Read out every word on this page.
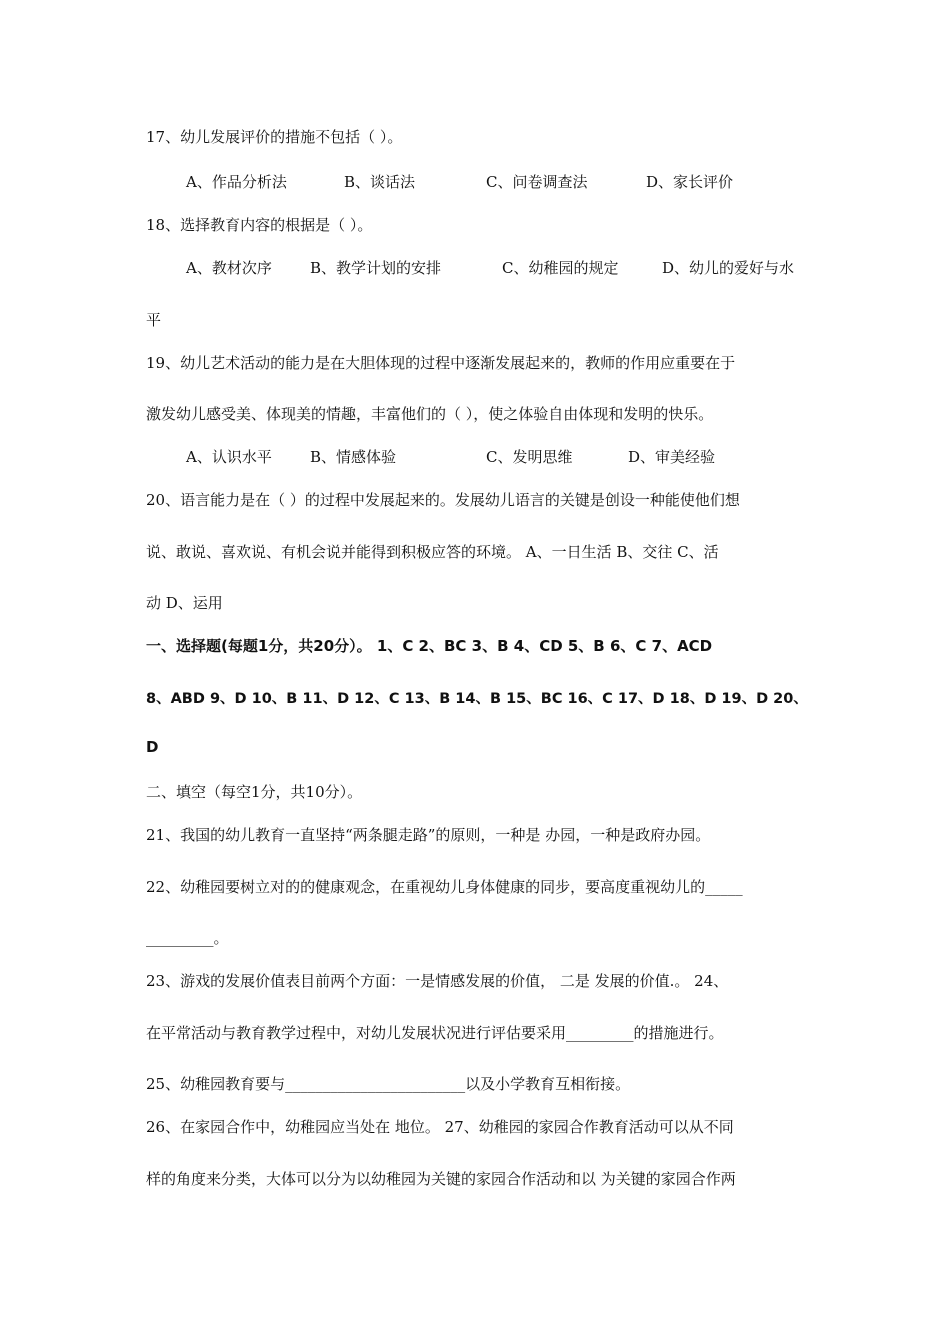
17、幼儿发展评价的措施不包括（ ）。
A、作品分析法	B、谈话法	C、问卷调查法	D、家长评价
18、选择教育内容的根据是（ ）。
A、教材次序	B、教学计划的安排	C、幼稚园的规定	D、幼儿的爱好与水
平
19、幼儿艺术活动的能力是在大胆体现的过程中逐渐发展起来的，教师的作用应重要在于
激发幼儿感受美、体现美的情趣，丰富他们的（ ），使之体验自由体现和发明的快乐。
A、认识水平	B、情感体验	C、发明思维	D、审美经验
20、语言能力是在（ ）的过程中发展起来的。发展幼儿语言的关键是创设一种能使他们想
说、敢说、喜欢说、有机会说并能得到积极应答的环境。 A、一日生活 B、交往 C、活
动 D、运用
一、选择题(每题1分，共20分）。 1、C 2、BC 3、B 4、CD 5、B 6、C 7、ACD
8、ABD 9、D 10、B 11、D 12、C 13、B 14、B 15、BC 16、C 17、D 18、D 19、D 20、
D
二、填空（每空1分，共10分）。
21、我国的幼儿教育一直坚持“两条腿走路”的原则，一种是 办园，一种是政府办园。
22、幼稚园要树立对的的健康观念，在重视幼儿身体健康的同步，要高度重视幼儿的_____
_________。
23、游戏的发展价值表目前两个方面：一是情感发展的价值， 二是 发展的价值.。 24、
在平常活动与教育教学过程中，对幼儿发展状况进行评估要采用_________的措施进行。
25、幼稚园教育要与________________________以及小学教育互相衔接。
26、在家园合作中，幼稚园应当处在 地位。 27、幼稚园的家园合作教育活动可以从不同
样的角度来分类，大体可以分为以幼稚园为关键的家园合作活动和以 为关键的家园合作两
